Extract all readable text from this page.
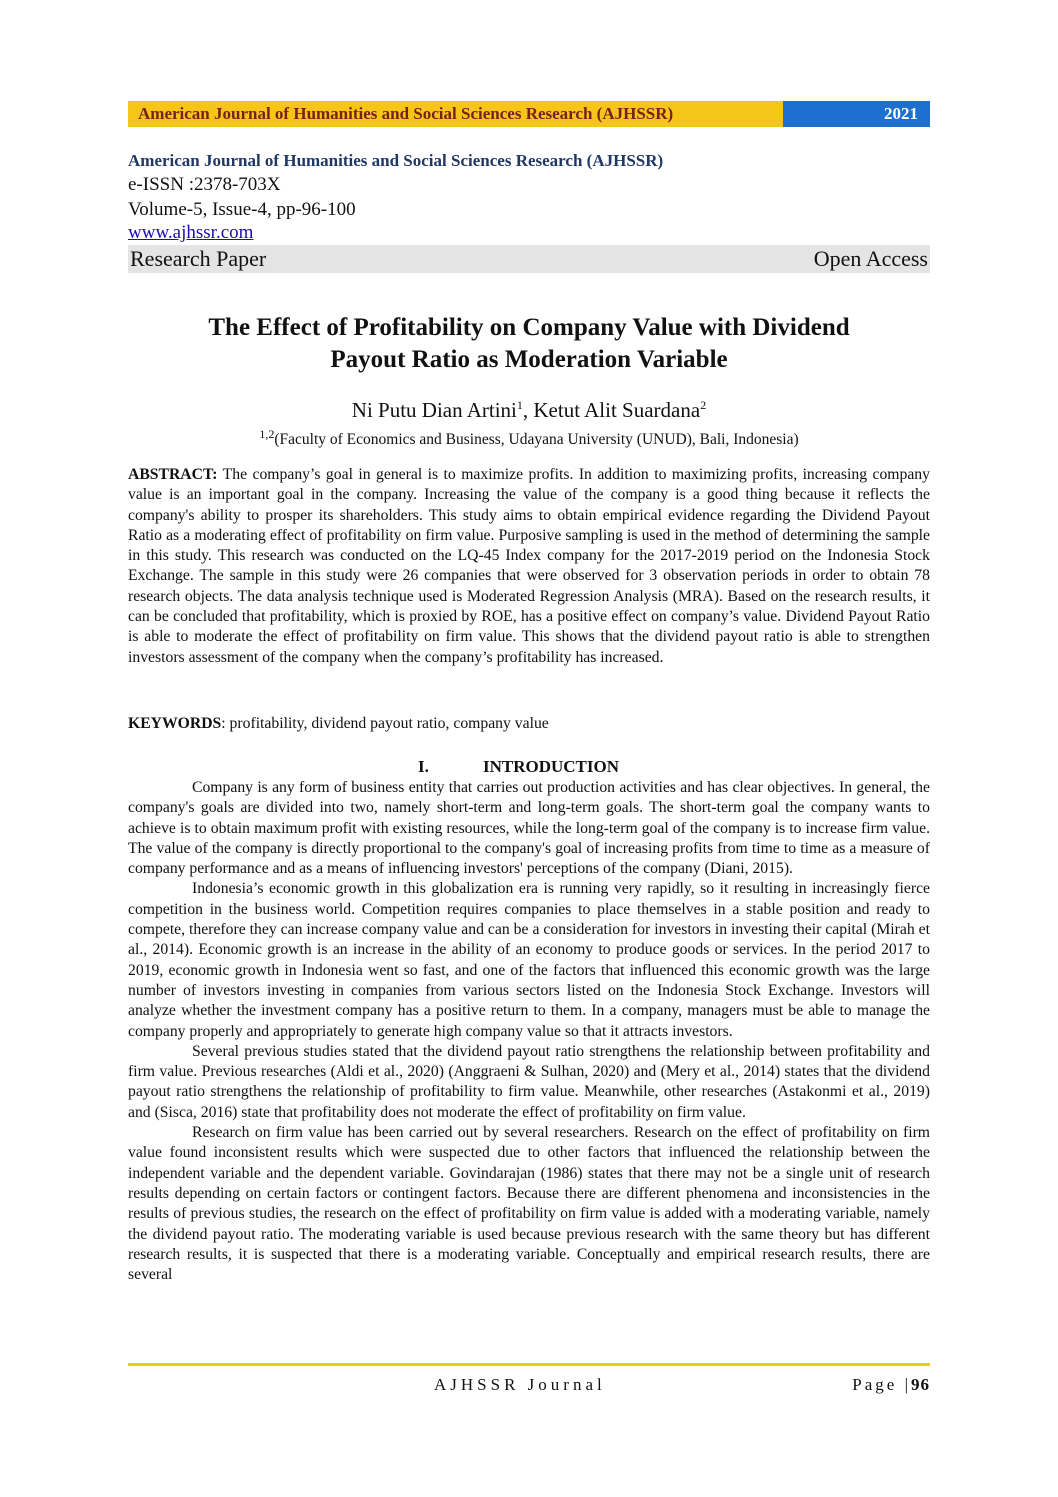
American Journal of Humanities and Social Sciences Research (AJHSSR)	2021
American Journal of Humanities and Social Sciences Research (AJHSSR)
e-ISSN :2378-703X
Volume-5, Issue-4, pp-96-100
www.ajhssr.com
Research Paper	Open Access
The Effect of Profitability on Company Value with Dividend
Payout Ratio as Moderation Variable
Ni Putu Dian Artini$^1$, Ketut Alit Suardana$^2$
$^{1,2}$(Faculty of Economics and Business, Udayana University (UNUD), Bali, Indonesia)

ABSTRACT: The company’s goal in general is to maximize profits. In addition to maximizing profits, increasing company value is an important goal in the company. Increasing the value of the company is a good thing because it reflects the company's ability to prosper its shareholders. This study aims to obtain empirical evidence regarding the Dividend Payout Ratio as a moderating effect of profitability on firm value. Purposive sampling is used in the method of determining the sample in this study. This research was conducted on the LQ-45 Index company for the 2017-2019 period on the Indonesia Stock Exchange. The sample in this study were 26 companies that were observed for 3 observation periods in order to obtain 78 research objects. The data analysis technique used is Moderated Regression Analysis (MRA). Based on the research results, it can be concluded that profitability, which is proxied by ROE, has a positive effect on company’s value. Dividend Payout Ratio is able to moderate the effect of profitability on firm value. This shows that the dividend payout ratio is able to strengthen investors assessment of the company when the company’s profitability has increased.

KEYWORDS: profitability, dividend payout ratio, company value
I.	INTRODUCTION

Company is any form of business entity that carries out production activities and has clear objectives. In general, the company's goals are divided into two, namely short-term and long-term goals. The short-term goal the company wants to achieve is to obtain maximum profit with existing resources, while the long-term goal of the company is to increase firm value. The value of the company is directly proportional to the company's goal of increasing profits from time to time as a measure of company performance and as a means of influencing investors' perceptions of the company (Diani, 2015).

Indonesia’s economic growth in this globalization era is running very rapidly, so it resulting in increasingly fierce competition in the business world. Competition requires companies to place themselves in a stable position and ready to compete, therefore they can increase company value and can be a consideration for investors in investing their capital (Mirah et al., 2014). Economic growth is an increase in the ability of an economy to produce goods or services. In the period 2017 to 2019, economic growth in Indonesia went so fast, and one of the factors that influenced this economic growth was the large number of investors investing in companies from various sectors listed on the Indonesia Stock Exchange. Investors will analyze whether the investment company has a positive return to them. In a company, managers must be able to manage the company properly and appropriately to generate high company value so that it attracts investors.

Several previous studies stated that the dividend payout ratio strengthens the relationship between profitability and firm value. Previous researches (Aldi et al., 2020) (Anggraeni & Sulhan, 2020) and (Mery et al., 2014) states that the dividend payout ratio strengthens the relationship of profitability to firm value. Meanwhile, other researches (Astakonmi et al., 2019) and (Sisca, 2016) state that profitability does not moderate the effect of profitability on firm value.

Research on firm value has been carried out by several researchers. Research on the effect of profitability on firm value found inconsistent results which were suspected due to other factors that influenced the relationship between the independent variable and the dependent variable. Govindarajan (1986) states that there may not be a single unit of research results depending on certain factors or contingent factors. Because there are different phenomena and inconsistencies in the results of previous studies, the research on the effect of profitability on firm value is added with a moderating variable, namely the dividend payout ratio. The moderating variable is used because previous research with the same theory but has different research results, it is suspected that there is a moderating variable. Conceptually and empirical research results, there are several

AJHSSR Journal	Page |96
